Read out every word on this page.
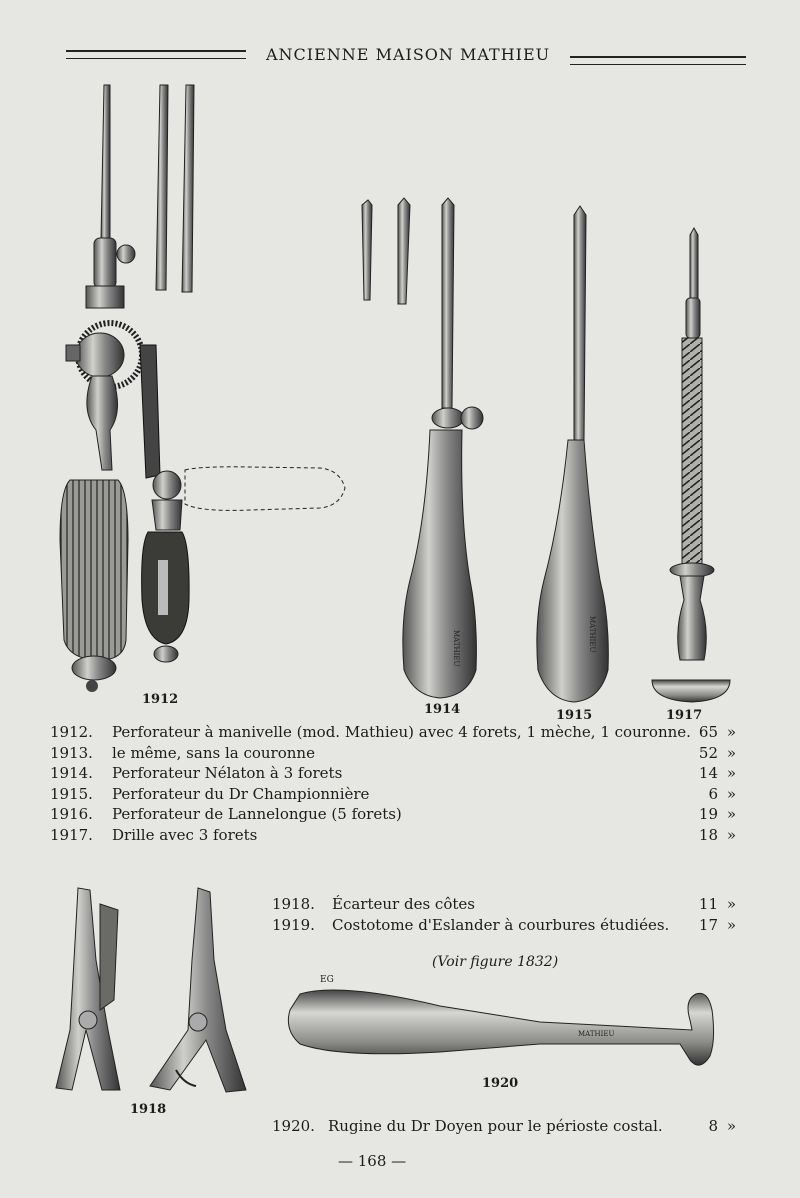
ANCIENNE MAISON MATHIEU
MATHIEU	MATHIEU
EG
MATHIEU
1912
1914	1915	1917
1918
1920
1912.	Perforateur à manivelle (mod. Mathieu) avec 4 forets, 1 mèche, 1 couronne. 65 »
1913.	le même, sans la couronne	52 »
1914.	Perforateur Nélaton à 3 forets	14 »
1915.	Perforateur du Dr Championnière	6 »
1916.	Perforateur de Lannelongue (5 forets)	19 »
1917.	Drille avec 3 forets	18 »
1918.	Écarteur des côtes	11 »
1919.	Costotome d'Eslander à courbures étudiées. 17 »
(Voir figure 1832)
1920. Rugine du Dr Doyen pour le périoste costal.	8 »
— 168 —
